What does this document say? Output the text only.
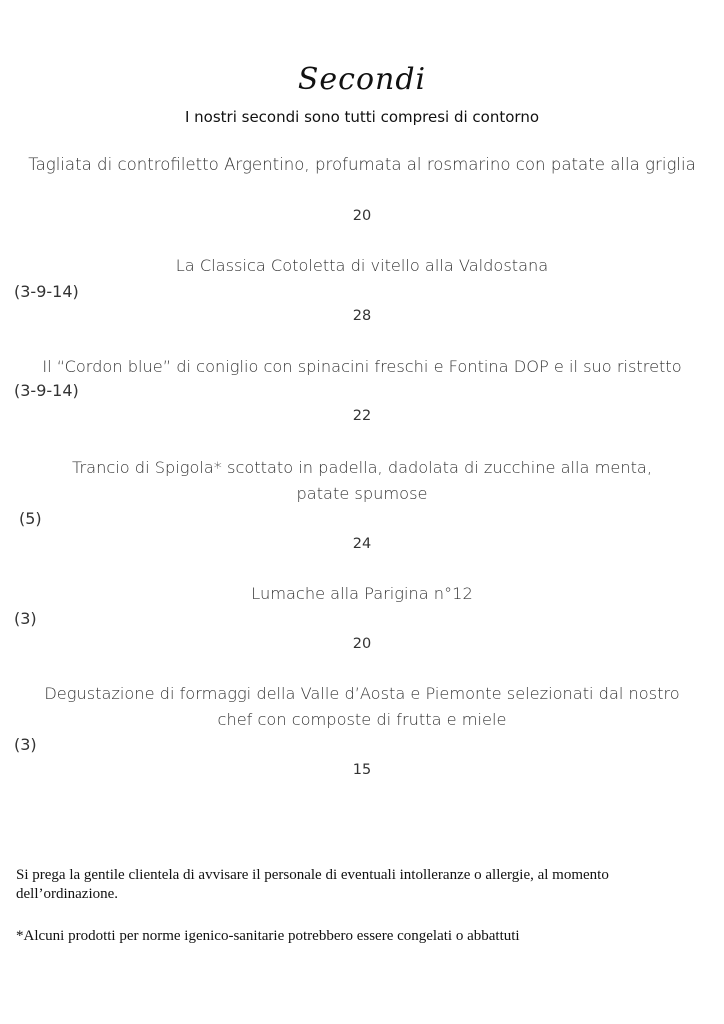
Secondi
I nostri secondi sono tutti compresi di contorno
Tagliata di controfiletto Argentino, profumata al rosmarino con patate alla griglia
20
La Classica Cotoletta di vitello alla Valdostana
(3-9-14)
28
Il “Cordon blue” di coniglio con spinacini freschi e Fontina DOP e il suo ristretto
(3-9-14)
22
Trancio di Spigola* scottato in padella, dadolata di zucchine alla menta,
patate spumose
(5)
24
Lumache alla Parigina n°12
(3)
20
Degustazione di formaggi della Valle d’Aosta e Piemonte selezionati dal nostro
chef con composte di frutta e miele
(3)
15
Si prega la gentile clientela di avvisare il personale di eventuali intolleranze o allergie, al momento dell’ordinazione.
*Alcuni prodotti per norme igenico-sanitarie potrebbero essere congelati o abbattuti
